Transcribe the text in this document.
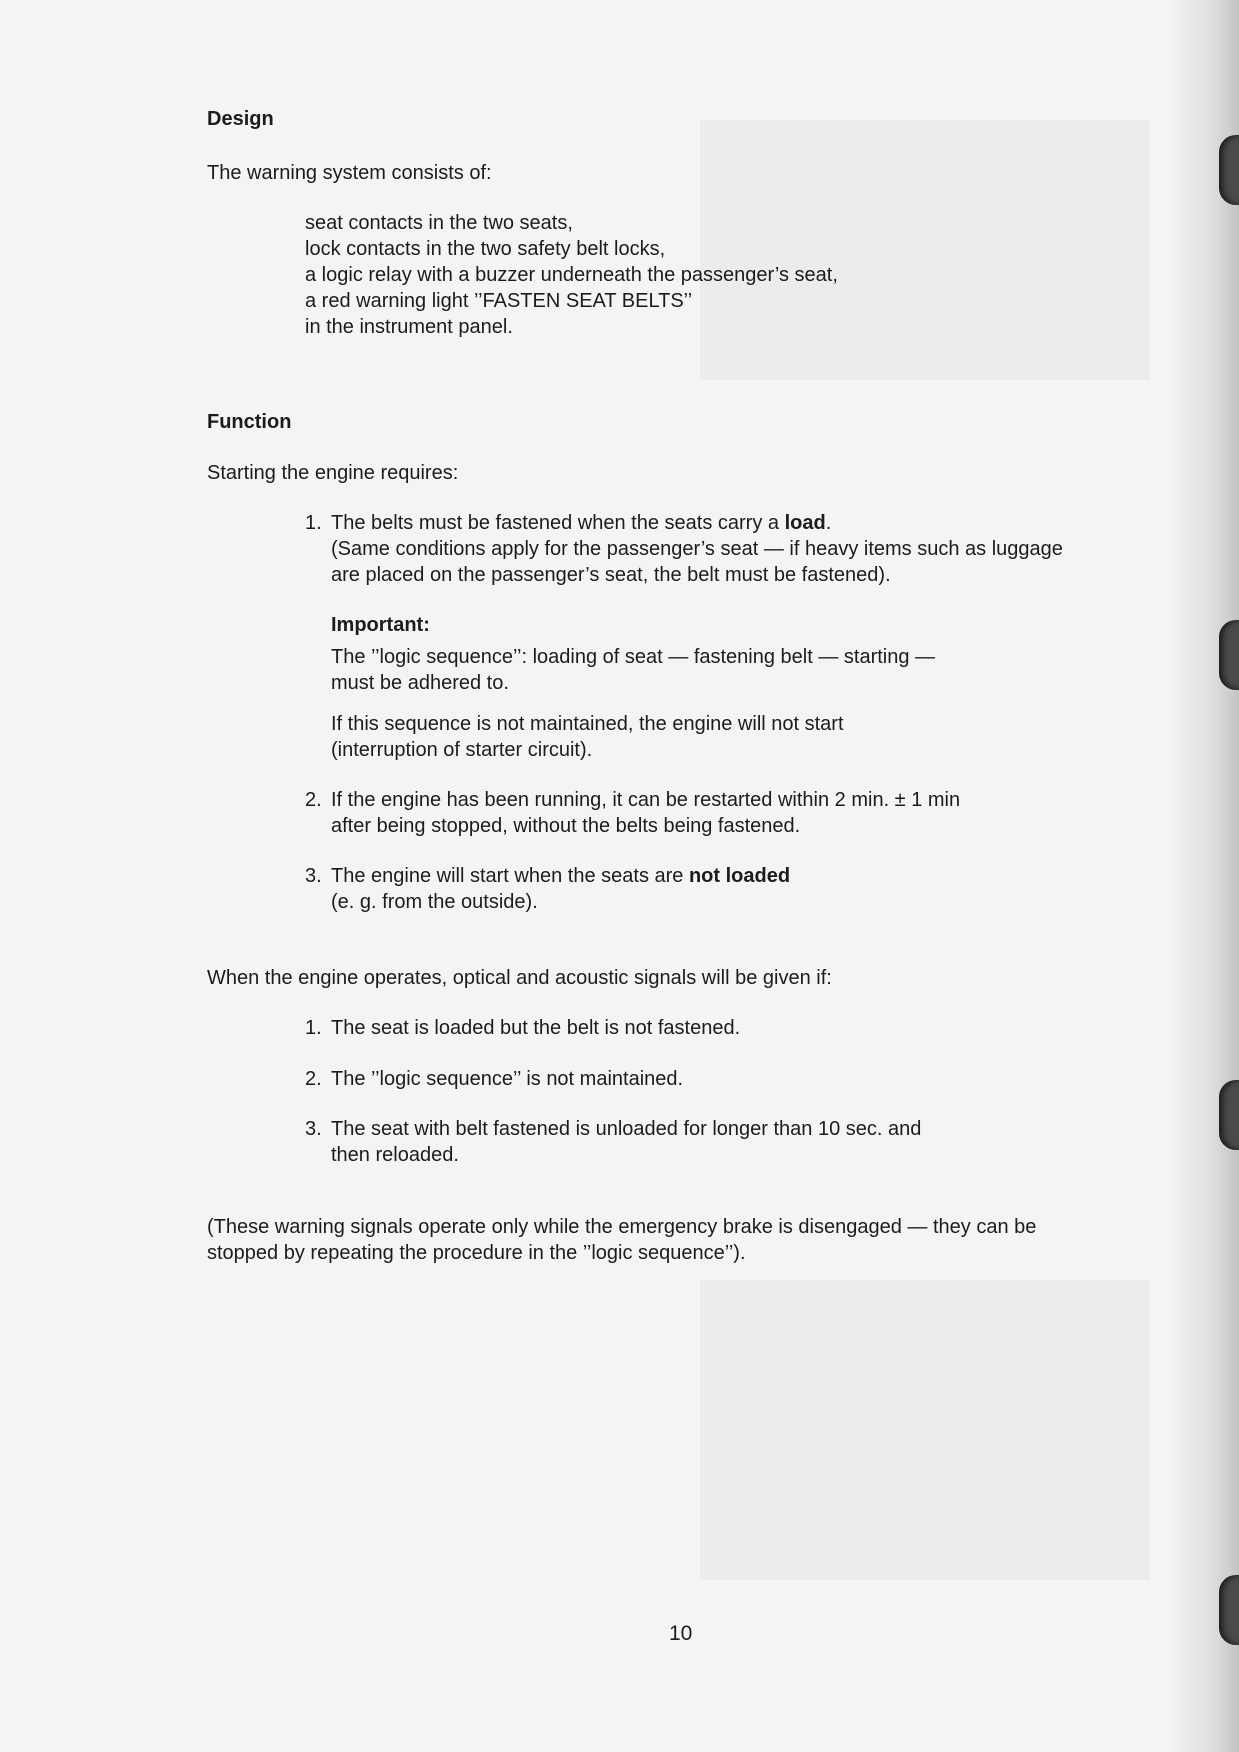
Design

The warning system consists of:

seat contacts in the two seats,
lock contacts in the two safety belt locks,
a logic relay with a buzzer underneath the passenger’s seat,
a red warning light ’’FASTEN SEAT BELTS’’
in the instrument panel.
Function

Starting the engine requires:

1. The belts must be fastened when the seats carry a load.
(Same conditions apply for the passenger’s seat — if heavy items such as luggage
are placed on the passenger’s seat, the belt must be fastened).
Important:
The ’’logic sequence’’: loading of seat — fastening belt — starting —
must be adhered to.
If this sequence is not maintained, the engine will not start
(interruption of starter circuit).
2. If the engine has been running, it can be restarted within 2 min. ± 1 min
after being stopped, without the belts being fastened.
3. The engine will start when the seats are not loaded
(e. g. from the outside).

When the engine operates, optical and acoustic signals will be given if:

1. The seat is loaded but the belt is not fastened.
2. The ’’logic sequence’’ is not maintained.
3. The seat with belt fastened is unloaded for longer than 10 sec. and
then reloaded.
(These warning signals operate only while the emergency brake is disengaged — they can be
stopped by repeating the procedure in the ’’logic sequence’’).
10
